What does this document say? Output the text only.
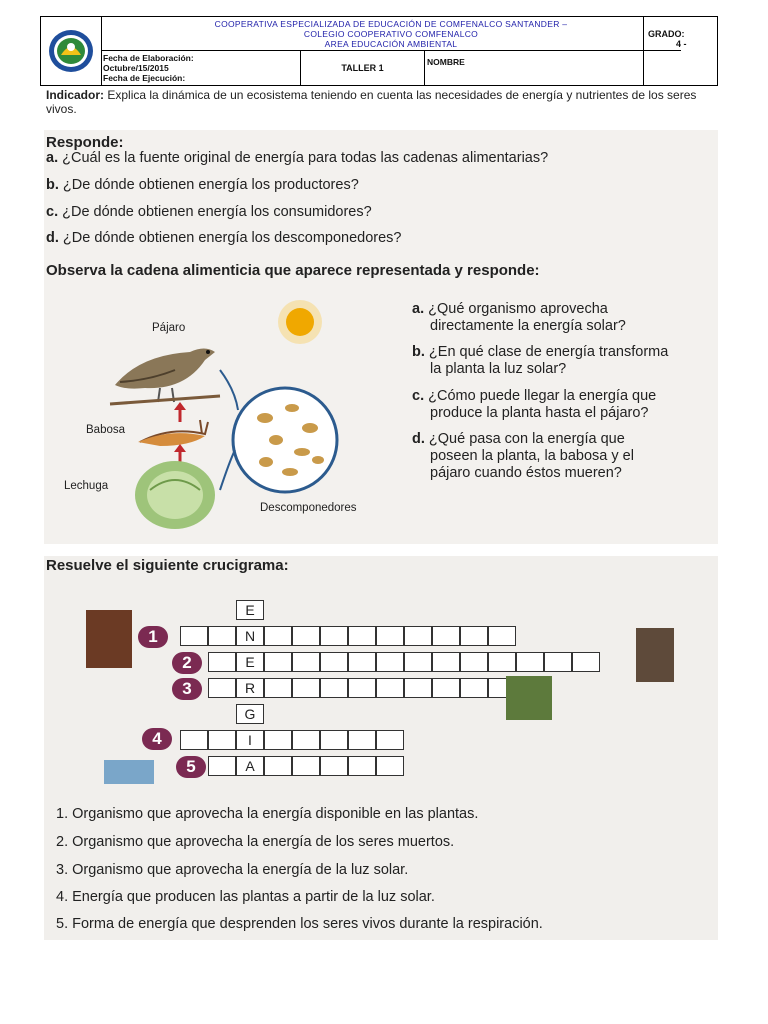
COOPERATIVA ESPECIALIZADA DE EDUCACIÓN DE COMFENALCO SANTANDER –
COLEGIO COOPERATIVO COMFENALCO
AREA EDUCACIÓN AMBIENTAL
GRADO:
4 -
Fecha de Elaboración:
Octubre/15/2015
Fecha de Ejecución:
TALLER 1
NOMBRE
Indicador: Explica la dinámica de un ecosistema teniendo en cuenta las necesidades de energía y nutrientes de los seres vivos.
Responde:
a. ¿Cuál es la fuente original de energía para todas las cadenas alimentarias?
b. ¿De dónde obtienen energía los productores?
c. ¿De dónde obtienen energía los consumidores?
d. ¿De dónde obtienen energía los descomponedores?
Observa la cadena alimenticia que aparece representada y responde:
Pájaro
Babosa
Lechuga
Descomponedores
a. ¿Qué organismo aprovecha
directamente la energía solar?
b. ¿En qué clase de energía transforma
la planta la luz solar?
c. ¿Cómo puede llegar la energía que
produce la planta hasta el pájaro?
d. ¿Qué pasa con la energía que
poseen la planta, la babosa y el
pájaro cuando éstos mueren?
Resuelve el siguiente crucigrama:
E
N
E
R
G
I
A
1
2
3
4
5
1. Organismo que aprovecha la energía disponible en las plantas.
2. Organismo que aprovecha la energía de los seres muertos.
3. Organismo que aprovecha la energía de la luz solar.
4. Energía que producen las plantas a partir de la luz solar.
5. Forma de energía que desprenden los seres vivos durante la respiración.
